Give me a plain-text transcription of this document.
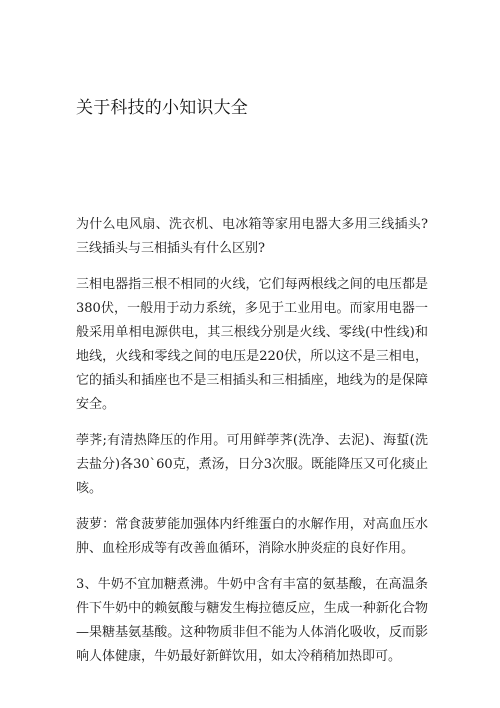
关于科技的小知识大全

为什么电风扇、洗衣机、电冰箱等家用电器大多用三线插头?三线插头与三相插头有什么区别?

三相电器指三根不相同的火线，它们每两根线之间的电压都是380伏，一般用于动力系统，多见于工业用电。而家用电器一般采用单相电源供电，其三根线分别是火线、零线(中性线)和地线，火线和零线之间的电压是220伏，所以这不是三相电，它的插头和插座也不是三相插头和三相插座，地线为的是保障安全。

荸荠;有清热降压的作用。可用鲜荸荠(洗净、去泥)、海蜇(洗去盐分)各30`60克，煮汤，日分3次服。既能降压又可化痰止咳。

菠萝：常食菠萝能加强体内纤维蛋白的水解作用，对高血压水肿、血栓形成等有改善血循环，消除水肿炎症的良好作用。

3、牛奶不宜加糖煮沸。牛奶中含有丰富的氨基酸，在高温条件下牛奶中的赖氨酸与糖发生梅拉德反应，生成一种新化合物—果糖基氨基酸。这种物质非但不能为人体消化吸收，反而影响人体健康，牛奶最好新鲜饮用，如太冷稍稍加热即可。
